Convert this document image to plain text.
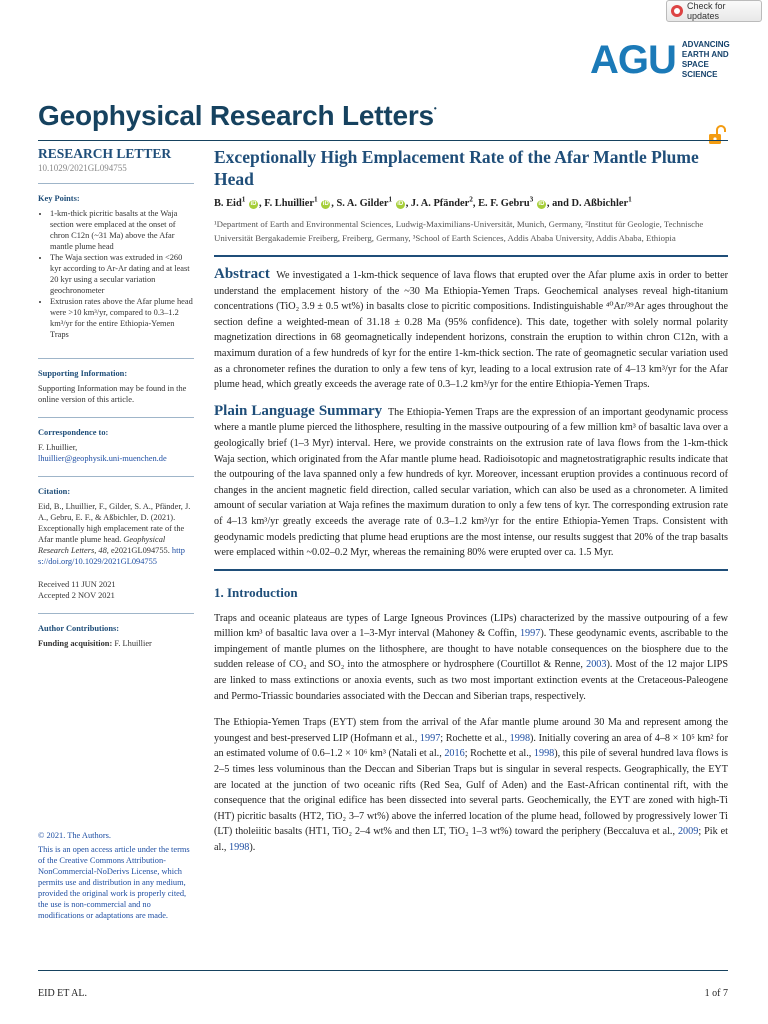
Check for updates
AGU ADVANCING
EARTH AND
SPACE SCIENCE
Geophysical Research Letters•
RESEARCH LETTER
10.1029/2021GL094755
Key Points:
• 1-km-thick picritic basalts at the Waja section were emplaced at the onset of chron C12n (~31 Ma) above the Afar mantle plume head
• The Waja section was extruded in <260 kyr according to Ar-Ar dating and at least 20 kyr using a secular variation geochronometer
• Extrusion rates above the Afar plume head were >10 km³/yr, compared to 0.3–1.2 km³/yr for the entire Ethiopia-Yemen Traps
Supporting Information:

Supporting Information may be found in the online version of this article.

Correspondence to:

F. Lhuillier,

lhuillier@geophysik.uni-muenchen.de

Citation:

Eid, B., Lhuillier, F., Gilder, S. A., Pfänder, J. A., Gebru, E. F., & Aßbichler, D. (2021). Exceptionally high emplacement rate of the Afar mantle plume head. Geophysical Research Letters, 48, e2021GL094755. https://doi.org/10.1029/2021GL094755

Received 11 JUN 2021

Accepted 2 NOV 2021

Author Contributions:

Funding acquisition: F. Lhuillier

© 2021. The Authors.

This is an open access article under the terms of the Creative Commons Attribution-NonCommercial-NoDerivs License, which permits use and distribution in any medium, provided the original work is properly cited, the use is non-commercial and no modifications or adaptations are made.

Exceptionally High Emplacement Rate of the Afar Mantle Plume Head
B. Eid$^1$ iD , F. Lhuillier$^1$ iD , S. A. Gilder$^1$ iD , J. A. Pfänder$^2$, E. F. Gebru$^3$ iD , and D. Aßbichler$^1$
¹Department of Earth and Environmental Sciences, Ludwig-Maximilians-Universität, Munich, Germany, ²Institut für Geologie, Technische Universität Bergakademie Freiberg, Freiberg, Germany, ³School of Earth Sciences, Addis Ababa University, Addis Ababa, Ethiopia
Abstract We investigated a 1-km-thick sequence of lava flows that erupted over the Afar plume axis in order to better understand the emplacement history of the ~30 Ma Ethiopia-Yemen Traps. Geochemical analyses reveal high-titanium concentrations (TiO₂ 3.9 ± 0.5 wt%) in basalts close to picritic compositions. Indistinguishable ⁴⁰Ar/³⁹Ar ages throughout the section define a weighted-mean of 31.18 ± 0.28 Ma (95% confidence). This date, together with solely normal polarity magnetization directions in 68 geomagnetically independent horizons, constrain the eruption to within chron C12n, with a maximum duration of a few hundreds of kyr for the entire 1-km-thick section. The rate of geomagnetic secular variation used as a chronometer refines the duration to only a few tens of kyr, leading to a local extrusion rate of 4–13 km³/yr for the Afar plume head, which greatly exceeds the average rate of 0.3–1.2 km³/yr for the entire Ethiopia-Yemen Traps.
Plain Language Summary The Ethiopia-Yemen Traps are the expression of an important geodynamic process where a mantle plume pierced the lithosphere, resulting in the massive outpouring of a few million km³ of basaltic lava over a geologically brief (1–3 Myr) interval. Here, we provide constraints on the extrusion rate of lava flows from the 1-km-thick Waja section, which originated from the Afar mantle plume head. Radioisotopic and magnetostratigraphic results indicate that the outpouring of the lava spanned only a few hundreds of kyr. Moreover, incessant eruption provides a continuous record of changes in the ancient magnetic field direction, called secular variation, which can also be used as a chronometer. A limited amount of secular variation at Waja refines the maximum duration to only a few tens of kyr. The corresponding extrusion rate of 4–13 km³/yr greatly exceeds the average rate of 0.3–1.2 km³/yr for the entire Ethiopia-Yemen Traps. Consistent with geodynamic models predicting that plume head eruptions are the most intense, our results suggest that 20% of the trap basalts were emplaced within ~0.02–0.2 Myr, whereas the remaining 80% were erupted over ca. 1.5 Myr.
1. Introduction
Traps and oceanic plateaus are types of Large Igneous Provinces (LIPs) characterized by the massive outpouring of a few million km³ of basaltic lava over a 1–3-Myr interval (Mahoney & Coffin, 1997). These geodynamic events, ascribable to the impingement of mantle plumes on the lithosphere, are thought to have notable consequences on the biosphere due to the sudden release of CO₂ and SO₂ into the atmosphere or hydrosphere (Courtillot & Renne, 2003). Most of the 12 major LIPS are linked to mass extinctions or anoxia events, such as two most important extinction events at the Cretaceous-Paleogene and Permo-Triassic boundaries associated with the Deccan and Siberian traps, respectively.
The Ethiopia-Yemen Traps (EYT) stem from the arrival of the Afar mantle plume around 30 Ma and represent among the youngest and best-preserved LIP (Hofmann et al., 1997; Rochette et al., 1998). Initially covering an area of 4–8 × 10⁵ km² for an estimated volume of 0.6–1.2 × 10⁶ km³ (Natali et al., 2016; Rochette et al., 1998), this pile of several hundred lava flows is 2–5 times less voluminous than the Deccan and Siberian Traps but is singular in several respects. Geographically, the EYT are located at the junction of two oceanic rifts (Red Sea, Gulf of Aden) and the East-African continental rift, with the consequence that the original edifice has been dissected into several parts. Geochemically, the EYT are zoned with high-Ti (HT) picritic basalts (HT2, TiO₂ 3–7 wt%) above the inferred location of the plume head, followed by progressively lower Ti (LT) tholeiitic basalts (HT1, TiO₂ 2–4 wt% and then LT, TiO₂ 1–3 wt%) toward the periphery (Beccaluva et al., 2009; Pik et al., 1998).
EID ET AL.	1 of 7
